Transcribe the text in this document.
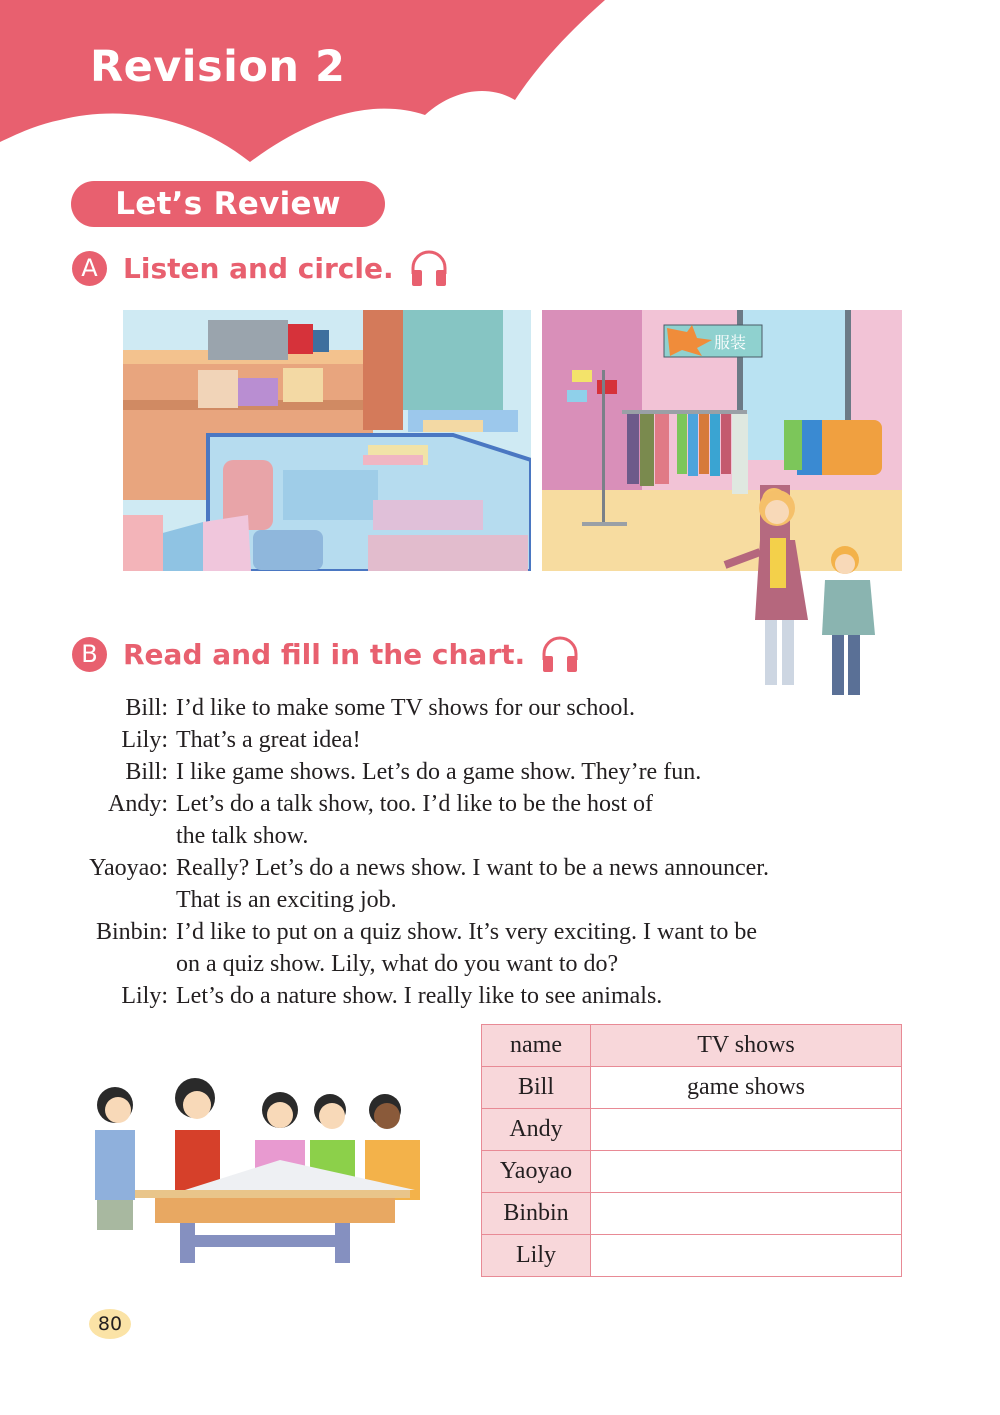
Revision 2
Let’s Review
A Listen and circle.
服装
B Read and fill in the chart.
Bill: I’d like to make some TV shows for our school.
Lily: That’s a great idea!
Bill: I like game shows. Let’s do a game show. They’re fun.
Andy: Let’s do a talk show, too. I’d like to be the host of
the talk show.
Yaoyao: Really? Let’s do a news show. I want to be a news announcer.
That is an exciting job.
Binbin: I’d like to put on a quiz show. It’s very exciting. I want to be
on a quiz show. Lily, what do you want to do?
Lily: Let’s do a nature show. I really like to see animals.
name	TV shows
Bill	game shows
Andy	
Yaoyao	
Binbin	
Lily	
80
